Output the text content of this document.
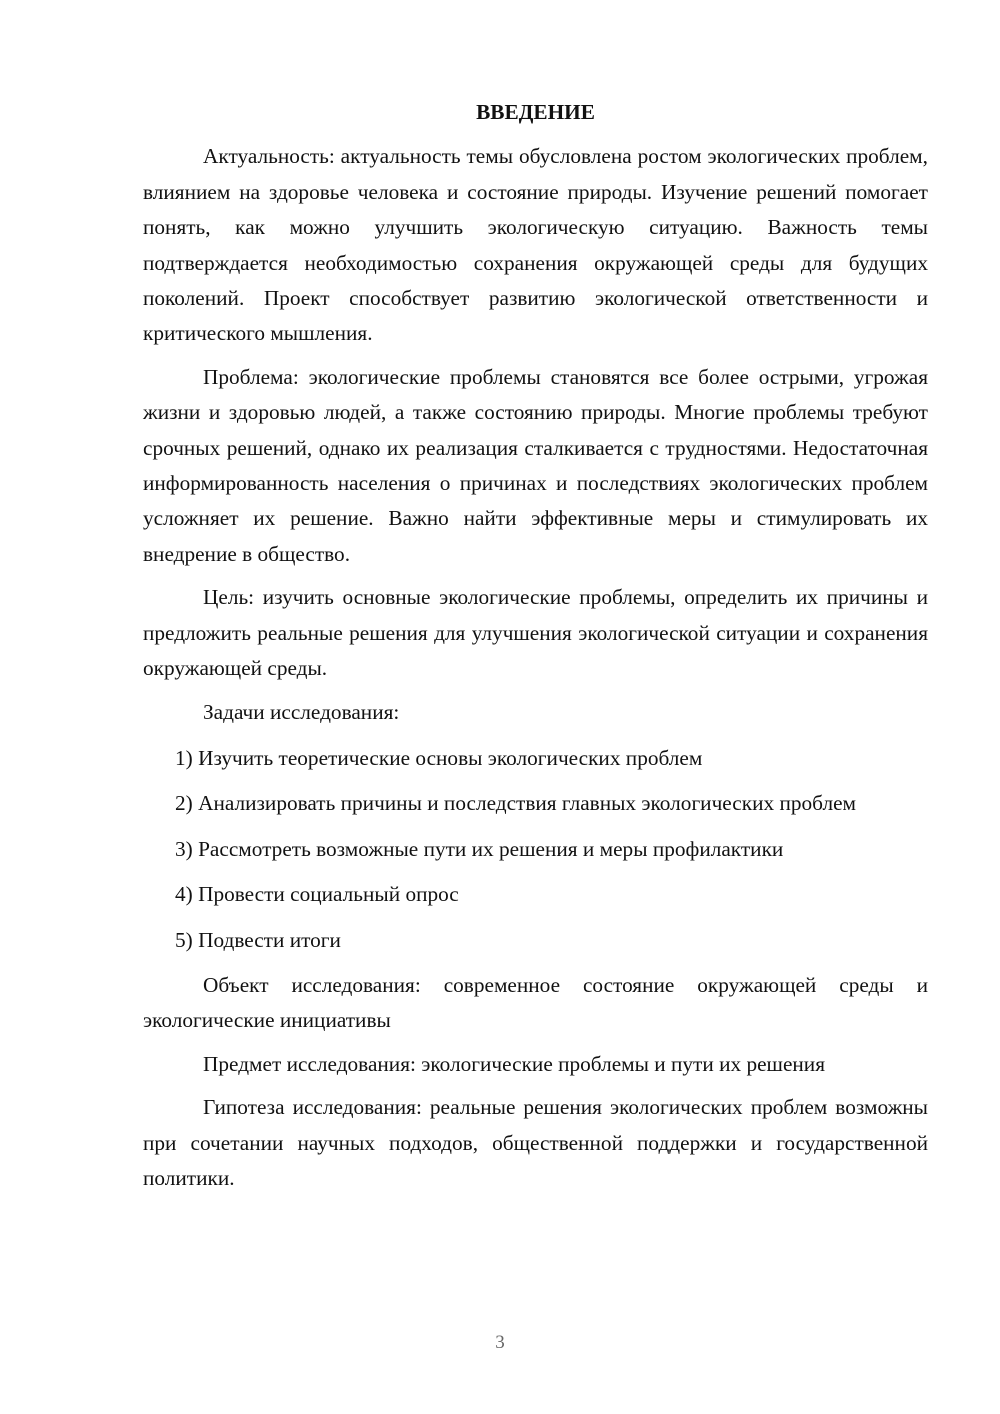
ВВЕДЕНИЕ

Актуальность: актуальность темы обусловлена ростом экологических проблем, влиянием на здоровье человека и состояние природы. Изучение решений помогает понять, как можно улучшить экологическую ситуацию. Важность темы подтверждается необходимостью сохранения окружающей среды для будущих поколений. Проект способствует развитию экологической ответственности и критического мышления.

Проблема: экологические проблемы становятся все более острыми, угрожая жизни и здоровью людей, а также состоянию природы. Многие проблемы требуют срочных решений, однако их реализация сталкивается с трудностями. Недостаточная информированность населения о причинах и последствиях экологических проблем усложняет их решение. Важно найти эффективные меры и стимулировать их внедрение в общество.

Цель: изучить основные экологические проблемы, определить их причины и предложить реальные решения для улучшения экологической ситуации и сохранения окружающей среды.

Задачи исследования:

1) Изучить теоретические основы экологических проблем

2) Анализировать причины и последствия главных экологических проблем

3) Рассмотреть возможные пути их решения и меры профилактики

4) Провести социальный опрос

5) Подвести итоги

Объект исследования: современное состояние окружающей среды и экологические инициативы

Предмет исследования: экологические проблемы и пути их решения

Гипотеза исследования: реальные решения экологических проблем возможны при сочетании научных подходов, общественной поддержки и государственной политики.

3
